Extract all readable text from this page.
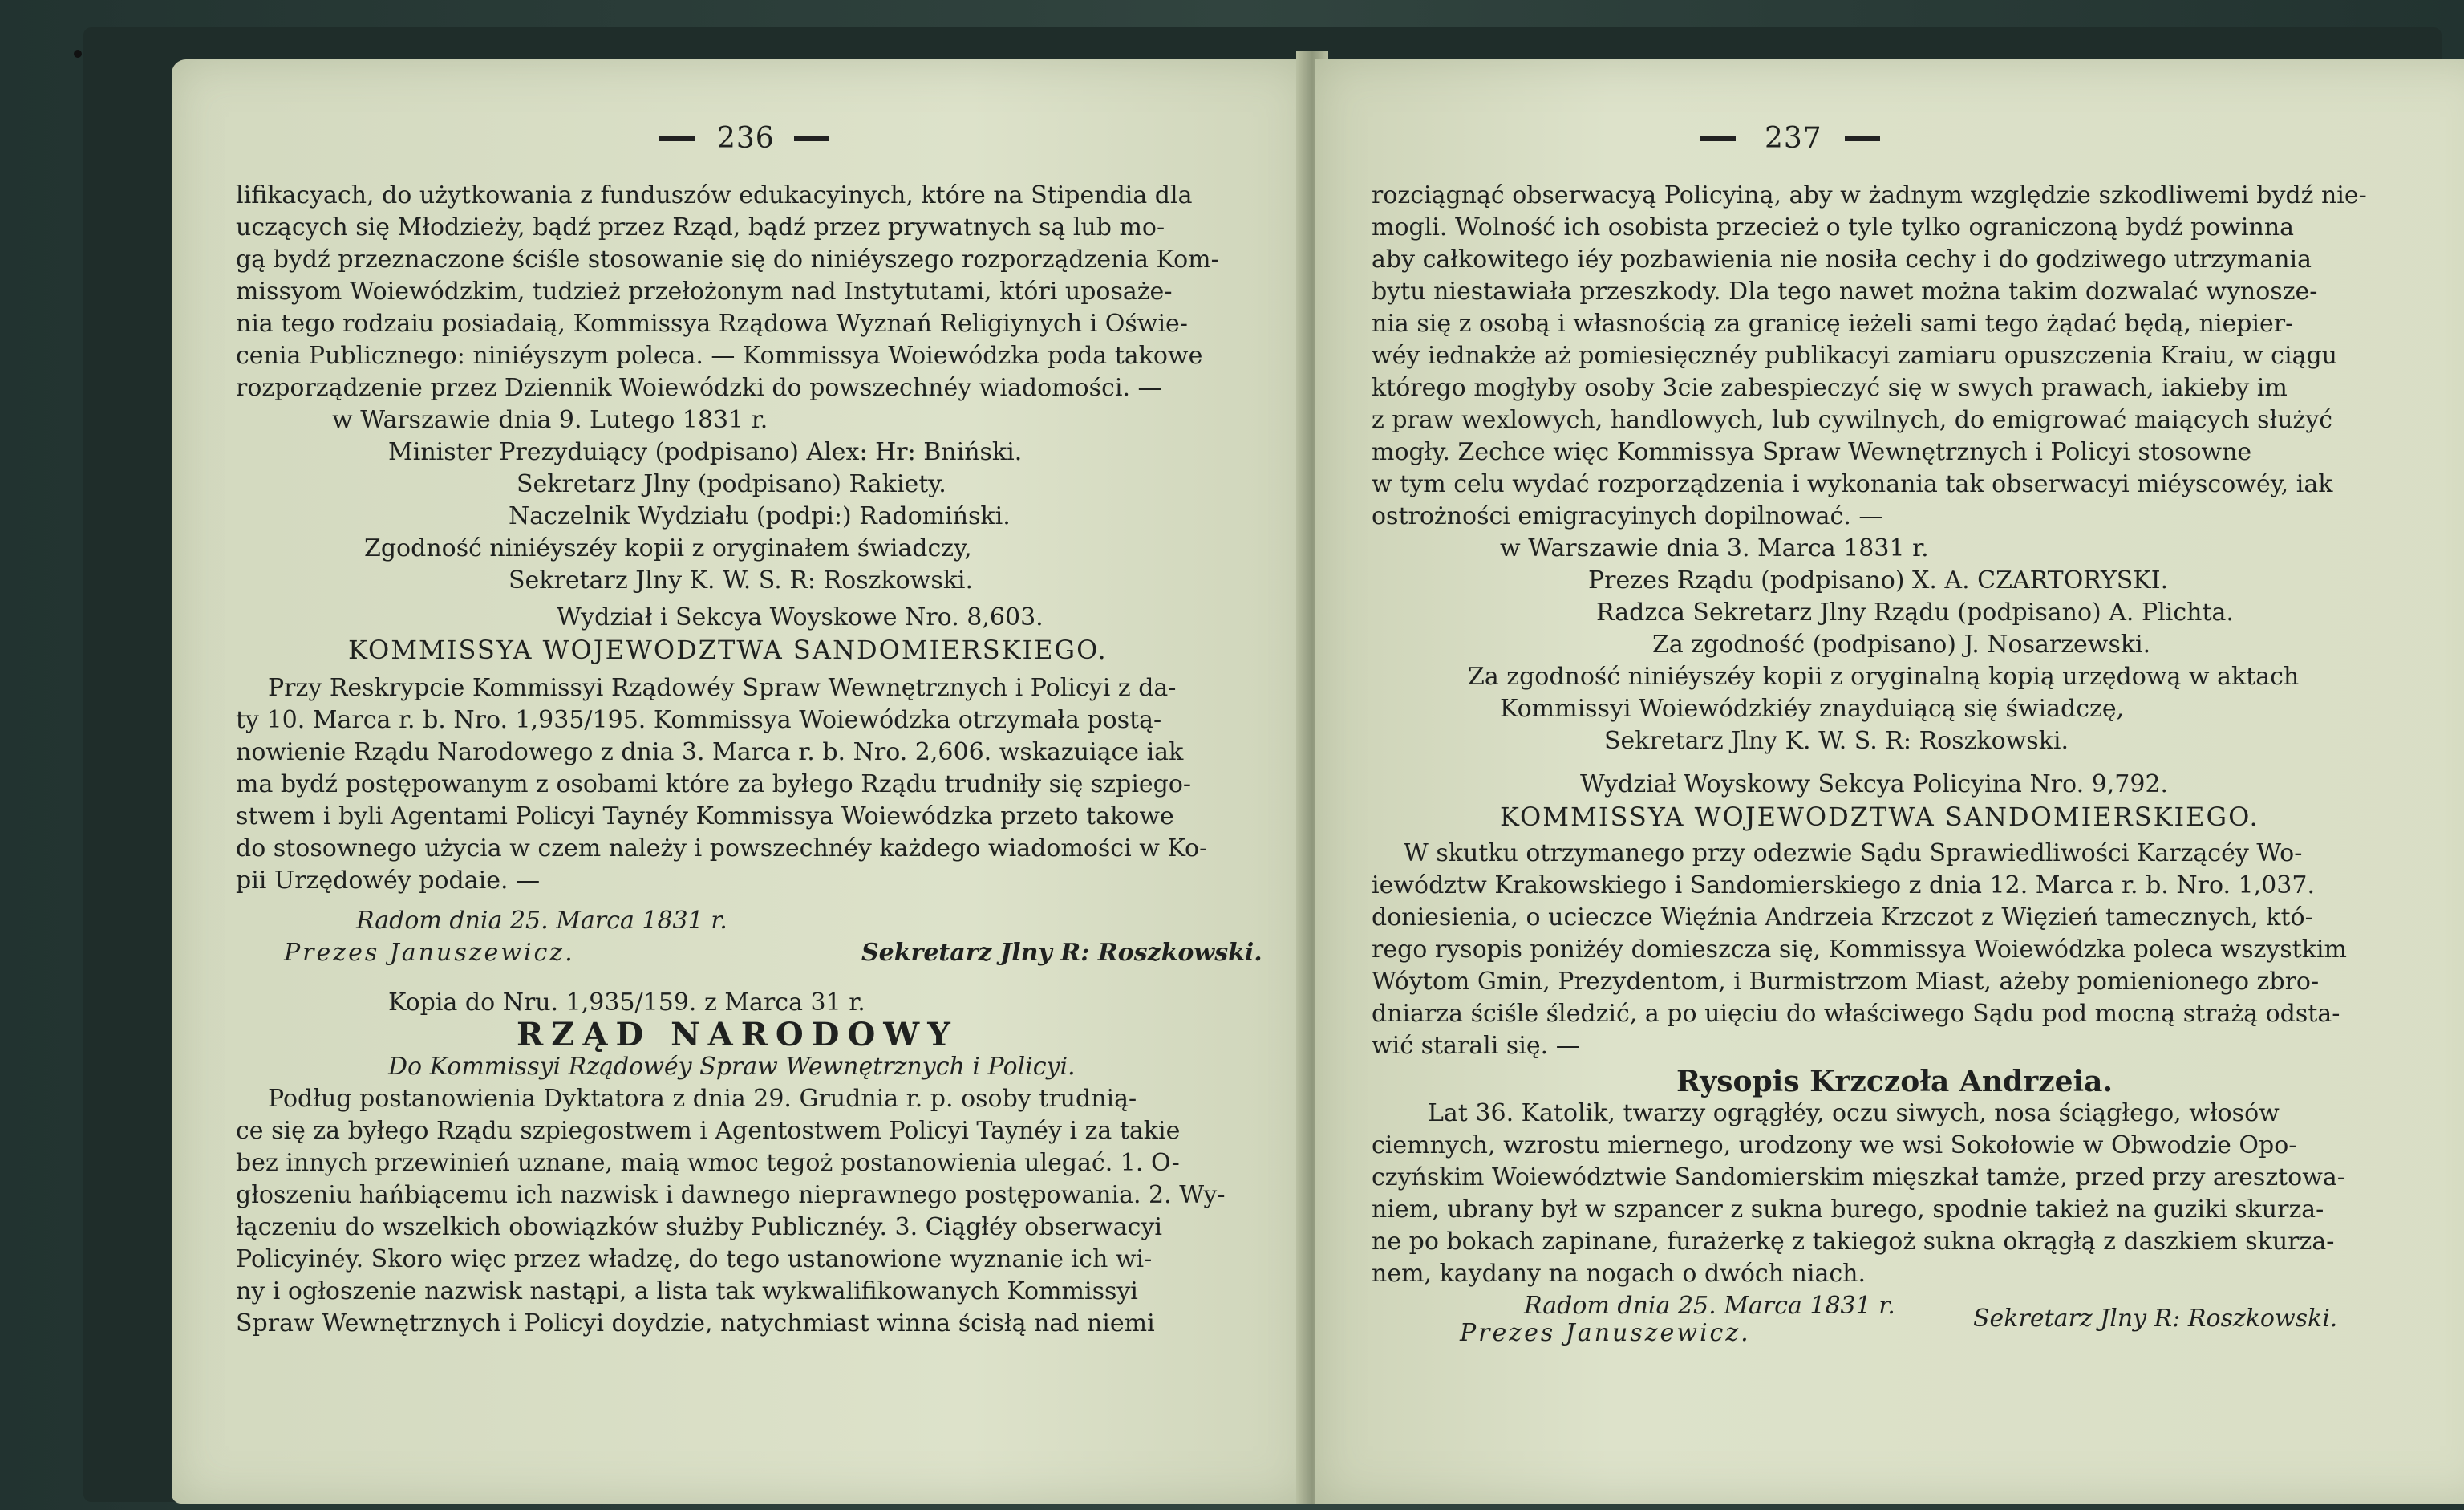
236

lifikacyach, do użytkowania z funduszów edukacyinych, które na Stipendia dla

uczących się Młodzieży, bądź przez Rząd, bądź przez prywatnych są lub mo-

gą bydź przeznaczone ściśle stosowanie się do niniéyszego rozporządzenia Kom-

missyom Woiewódzkim, tudzież przełożonym nad Instytutami, któri uposaże-

nia tego rodzaiu posiadaią, Kommissya Rządowa Wyznań Religiynych i Oświe-

cenia Publicznego: niniéyszym poleca. — Kommissya Woiewódzka poda takowe

rozporządzenie przez Dziennik Woiewódzki do powszechnéy wiadomości. —

w Warszawie dnia 9. Lutego 1831 r.

Minister Prezyduiący (podpisano) Alex: Hr: Bniński.

Sekretarz Jlny (podpisano) Rakiety.

Naczelnik Wydziału (podpi:) Radomiński.

Zgodność niniéyszéy kopii z oryginałem świadczy,

Sekretarz Jlny K. W. S. R: Roszkowski.

Wydział i Sekcya Woyskowe Nro. 8,603.

KOMMISSYA WOJEWODZTWA SANDOMIERSKIEGO.

Przy Reskrypcie Kommissyi Rządowéy Spraw Wewnętrznych i Policyi z da-

ty 10. Marca r. b. Nro. 1,935/195. Kommissya Woiewódzka otrzymała postą-

nowienie Rządu Narodowego z dnia 3. Marca r. b. Nro. 2,606. wskazuiące iak

ma bydź postępowanym z osobami które za byłego Rządu trudniły się szpiego-

stwem i byli Agentami Policyi Taynéy Kommissya Woiewódzka przeto takowe

do stosownego użycia w czem należy i powszechnéy każdego wiadomości w Ko-

pii Urzędowéy podaie. —

Radom dnia 25. Marca 1831 r.

Prezes Januszewicz.	Sekretarz Jlny R: Roszkowski.

Kopia do Nru. 1,935/159. z Marca 31 r.

RZĄD NARODOWY

Do Kommissyi Rządowéy Spraw Wewnętrznych i Policyi.

Podług postanowienia Dyktatora z dnia 29. Grudnia r. p. osoby trudnią-

ce się za byłego Rządu szpiegostwem i Agentostwem Policyi Taynéy i za takie

bez innych przewinień uznane, maią wmoc tegoż postanowienia ulegać. 1. O-

głoszeniu hańbiącemu ich nazwisk i dawnego nieprawnego postępowania. 2. Wy-

łączeniu do wszelkich obowiązków służby Publicznéy. 3. Ciągłéy obserwacyi

Policyinéy. Skoro więc przez władzę, do tego ustanowione wyznanie ich wi-

ny i ogłoszenie nazwisk nastąpi, a lista tak wykwalifikowanych Kommissyi

Spraw Wewnętrznych i Policyi doydzie, natychmiast winna ścisłą nad niemi

237

rozciągnąć obserwacyą Policyiną, aby w żadnym względzie szkodliwemi bydź nie-

mogli. Wolność ich osobista przecież o tyle tylko ograniczoną bydź powinna

aby całkowitego iéy pozbawienia nie nosiła cechy i do godziwego utrzymania

bytu niestawiała przeszkody. Dla tego nawet można takim dozwalać wynosze-

nia się z osobą i własnością za granicę ieżeli sami tego żądać będą, niepier-

wéy iednakże aż pomiesięcznéy publikacyi zamiaru opuszczenia Kraiu, w ciągu

którego mogłyby osoby 3cie zabespieczyć się w swych prawach, iakieby im

z praw wexlowych, handlowych, lub cywilnych, do emigrować maiących służyć

mogły. Zechce więc Kommissya Spraw Wewnętrznych i Policyi stosowne

w tym celu wydać rozporządzenia i wykonania tak obserwacyi miéyscowéy, iak

ostrożności emigracyinych dopilnować. —

w Warszawie dnia 3. Marca 1831 r.

Prezes Rządu (podpisano) X. A. CZARTORYSKI.

Radzca Sekretarz Jlny Rządu (podpisano) A. Plichta.

Za zgodność (podpisano) J. Nosarzewski.

Za zgodność niniéyszéy kopii z oryginalną kopią urzędową w aktach

Kommissyi Woiewódzkiéy znayduiącą się świadczę,

Sekretarz Jlny K. W. S. R: Roszkowski.

Wydział Woyskowy Sekcya Policyina Nro. 9,792.

KOMMISSYA WOJEWODZTWA SANDOMIERSKIEGO.

W skutku otrzymanego przy odezwie Sądu Sprawiedliwości Karzącéy Wo-

iewództw Krakowskiego i Sandomierskiego z dnia 12. Marca r. b. Nro. 1,037.

doniesienia, o ucieczce Więźnia Andrzeia Krzczot z Więzień tamecznych, któ-

rego rysopis poniżéy domieszcza się, Kommissya Woiewódzka poleca wszystkim

Wóytom Gmin, Prezydentom, i Burmistrzom Miast, ażeby pomienionego zbro-

dniarza ściśle śledzić, a po uięciu do właściwego Sądu pod mocną strażą odsta-

wić starali się. —

Rysopis Krzczoła Andrzeia.

Lat 36. Katolik, twarzy ogrągłéy, oczu siwych, nosa ściągłego, włosów

ciemnych, wzrostu miernego, urodzony we wsi Sokołowie w Obwodzie Opo-

czyńskim Woiewództwie Sandomierskim mięszkał tamże, przed przy aresztowa-

niem, ubrany był w szpancer z sukna burego, spodnie takież na guziki skurza-

ne po bokach zapinane, furażerkę z takiegoż sukna okrągłą z daszkiem skurza-

nem, kaydany na nogach o dwóch niach.

Radom dnia 25. Marca 1831 r.

Prezes Januszewicz.
Sekretarz Jlny R: Roszkowski.
